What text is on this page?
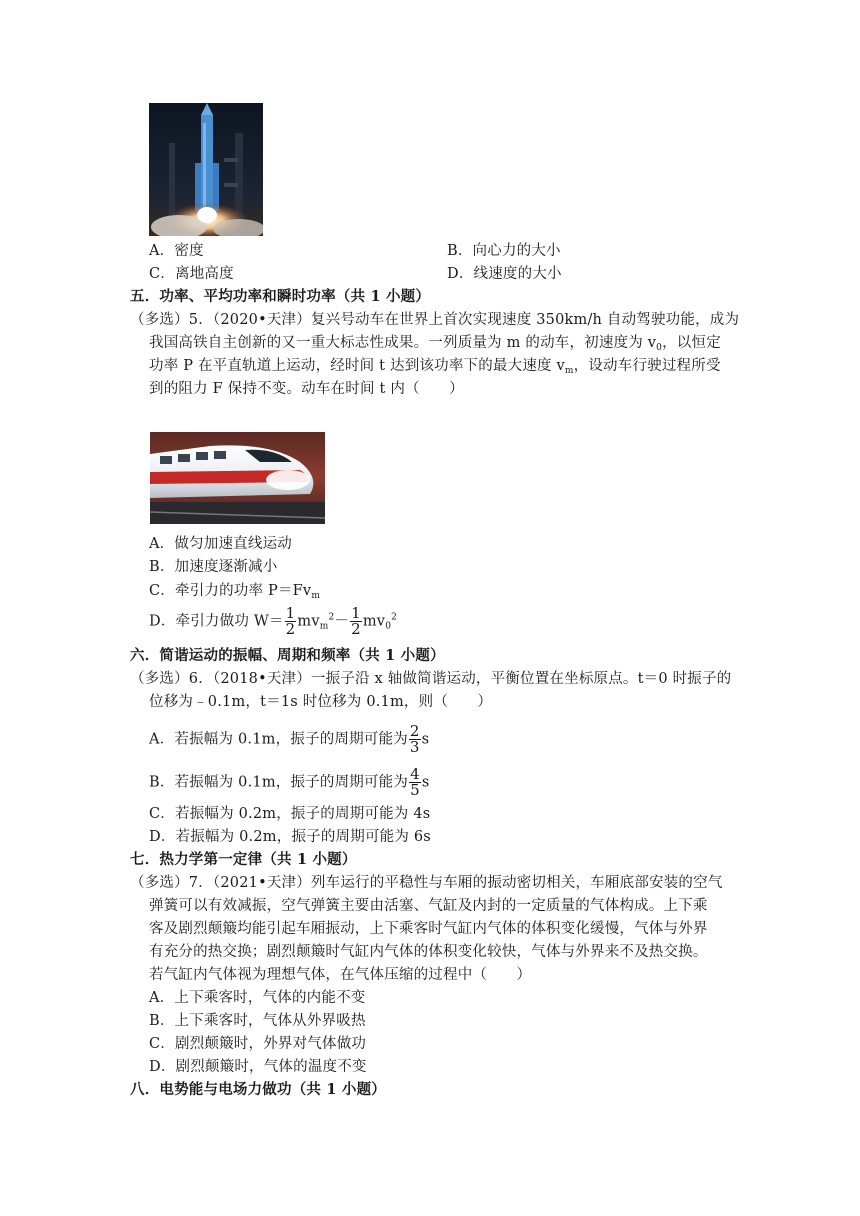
A．密度	B．向心力的大小
C．离地高度	D．线速度的大小
五．功率、平均功率和瞬时功率（共 1 小题）
（多选）5．（2020•天津）复兴号动车在世界上首次实现速度 350km/h 自动驾驶功能，成为
我国高铁自主创新的又一重大标志性成果。一列质量为 m 的动车，初速度为 $v_0$，以恒定
功率 P 在平直轨道上运动，经时间 t 达到该功率下的最大速度 $v_m$，设动车行驶过程所受
到的阻力 F 保持不变。动车在时间 t 内（　　）
A．做匀加速直线运动
B．加速度逐渐减小
C．牵引力的功率 $P=Fv_m$
D．牵引力做功 $W= \frac{1}{2} mv_m^2- \frac{1}{2} mv_0^2$
六．简谐运动的振幅、周期和频率（共 1 小题）
（多选）6．（2018•天津）一振子沿 x 轴做简谐运动，平衡位置在坐标原点。t＝0 时振子的
位移为﹣0.1m，t＝1s 时位移为 0.1m，则（　　）
A．若振幅为 0.1m，振子的周期可能为 $\frac{2}{3}$ s
B．若振幅为 0.1m，振子的周期可能为 $\frac{4}{5}$ s
C．若振幅为 0.2m，振子的周期可能为 4s
D．若振幅为 0.2m，振子的周期可能为 6s
七．热力学第一定律（共 1 小题）
（多选）7．（2021•天津）列车运行的平稳性与车厢的振动密切相关，车厢底部安装的空气
弹簧可以有效减振，空气弹簧主要由活塞、气缸及内封的一定质量的气体构成。上下乘
客及剧烈颠簸均能引起车厢振动，上下乘客时气缸内气体的体积变化缓慢，气体与外界
有充分的热交换；剧烈颠簸时气缸内气体的体积变化较快，气体与外界来不及热交换。
若气缸内气体视为理想气体，在气体压缩的过程中（　　）
A．上下乘客时，气体的内能不变
B．上下乘客时，气体从外界吸热
C．剧烈颠簸时，外界对气体做功
D．剧烈颠簸时，气体的温度不变
八．电势能与电场力做功（共 1 小题）
